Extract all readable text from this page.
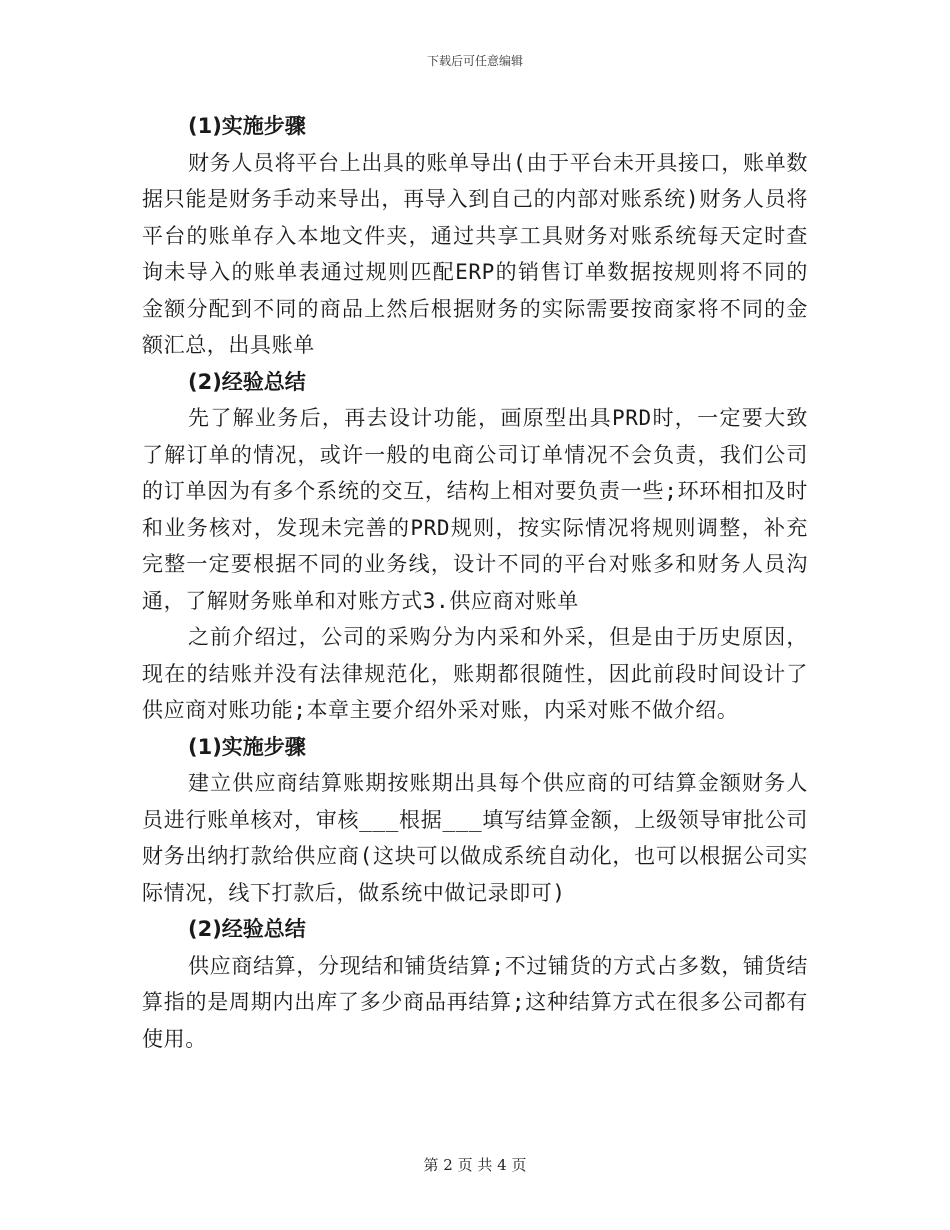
下载后可任意编辑

(1)实施步骤

财务人员将平台上出具的账单导出(由于平台未开具接口，账单数据只能是财务手动来导出，再导入到自己的内部对账系统)财务人员将平台的账单存入本地文件夹，通过共享工具财务对账系统每天定时查询未导入的账单表通过规则匹配ERP的销售订单数据按规则将不同的金额分配到不同的商品上然后根据财务的实际需要按商家将不同的金额汇总，出具账单

(2)经验总结

先了解业务后，再去设计功能，画原型出具PRD时，一定要大致了解订单的情况，或许一般的电商公司订单情况不会负责，我们公司的订单因为有多个系统的交互，结构上相对要负责一些;环环相扣及时和业务核对，发现未完善的PRD规则，按实际情况将规则调整，补充完整一定要根据不同的业务线，设计不同的平台对账多和财务人员沟通，了解财务账单和对账方式3.供应商对账单

之前介绍过，公司的采购分为内采和外采，但是由于历史原因，现在的结账并没有法律规范化，账期都很随性，因此前段时间设计了供应商对账功能;本章主要介绍外采对账，内采对账不做介绍。

(1)实施步骤

建立供应商结算账期按账期出具每个供应商的可结算金额财务人员进行账单核对，审核___根据___填写结算金额，上级领导审批公司财务出纳打款给供应商(这块可以做成系统自动化，也可以根据公司实际情况，线下打款后，做系统中做记录即可)

(2)经验总结

供应商结算，分现结和铺货结算;不过铺货的方式占多数，铺货结算指的是周期内出库了多少商品再结算;这种结算方式在很多公司都有使用。

第 2 页 共 4 页
